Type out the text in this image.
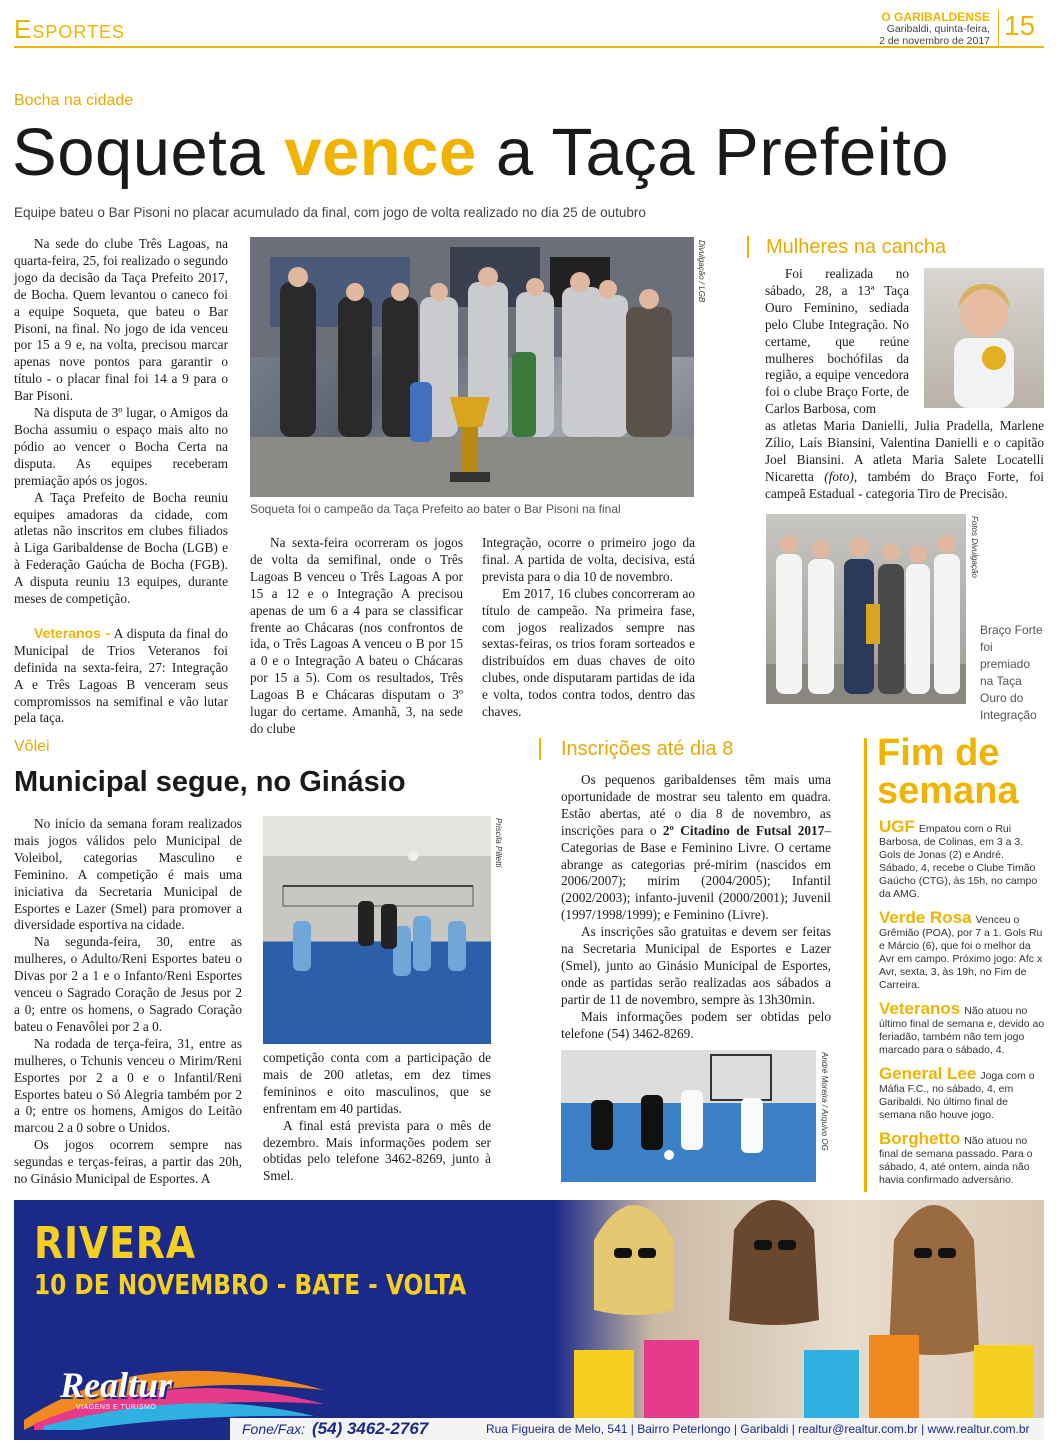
Esportes	O GARIBALDENSE
Garibaldi, quinta-feira,
2 de novembro de 2017 15
Bocha na cidade
Soqueta vence a Taça Prefeito
Equipe bateu o Bar Pisoni no placar acumulado da final, com jogo de volta realizado no dia 25 de outubro

Na sede do clube Três Lagoas, na quarta-feira, 25, foi realizado o segundo jogo da decisão da Taça Prefeito 2017, de Bocha. Quem levantou o caneco foi a equipe Soqueta, que bateu o Bar Pisoni, na final. No jogo de ida venceu por 15 a 9 e, na volta, precisou marcar apenas nove pontos para garantir o título - o placar final foi 14 a 9 para o Bar Pisoni.

Na disputa de 3º lugar, o Amigos da Bocha assumiu o espaço mais alto no pódio ao vencer o Bocha Certa na disputa. As equipes receberam premiação após os jogos.

A Taça Prefeito de Bocha reuniu equipes amadoras da cidade, com atletas não inscritos em clubes filiados à Liga Garibaldense de Bocha (LGB) e à Federação Gaúcha de Bocha (FGB). A disputa reuniu 13 equipes, durante meses de competição.

Veteranos - A disputa da final do Municipal de Trios Veteranos foi definida na sexta-feira, 27: Integração A e Três Lagoas B venceram seus compromissos na semifinal e vão lutar pela taça.

Divulgação / LGB
Soqueta foi o campeão da Taça Prefeito ao bater o Bar Pisoni na final

Na sexta-feira ocorreram os jogos de volta da semifinal, onde o Três Lagoas B venceu o Três Lagoas A por 15 a 12 e o Integração A precisou apenas de um 6 a 4 para se classificar frente ao Chácaras (nos confrontos de ida, o Três Lagoas A venceu o B por 15 a 0 e o Integração A bateu o Chácaras por 15 a 5). Com os resultados, Três Lagoas B e Chácaras disputam o 3º lugar do certame. Amanhã, 3, na sede do clube

Integração, ocorre o primeiro jogo da final. A partida de volta, decisiva, está prevista para o dia 10 de novembro.

Em 2017, 16 clubes concorreram ao título de campeão. Na primeira fase, com jogos realizados sempre nas sextas-feiras, os trios foram sorteados e distribuídos em duas chaves de oito clubes, onde disputaram partidas de ida e volta, todos contra todos, dentro das chaves.

Mulheres na cancha

Foi realizada no sábado, 28, a 13ª Taça Ouro Feminino, sediada pelo Clube Integração. No certame, que reúne mulheres bochófilas da região, a equipe vencedora foi o clube Braço Forte, de Carlos Barbosa, com

as atletas Maria Danielli, Julia Pradella, Marlene Zílio, Laís Biansini, Valentina Danielli e o capitão Joel Biansini. A atleta Maria Salete Locatelli Nicaretta (foto), também do Braço Forte, foi campeã Estadual - categoria Tiro de Precisão.

Fotos Divulgação
Braço Forte foi premiado na Taça Ouro do Integração
Vôlei
Municipal segue, no Ginásio

No início da semana foram realizados mais jogos válidos pelo Municipal de Voleibol, categorias Masculino e Feminino. A competição é mais uma iniciativa da Secretaria Municipal de Esportes e Lazer (Smel) para promover a diversidade esportiva na cidade.

Na segunda-feira, 30, entre as mulheres, o Adulto/Reni Esportes bateu o Divas por 2 a 1 e o Infanto/Reni Esportes venceu o Sagrado Coração de Jesus por 2 a 0; entre os homens, o Sagrado Coração bateu o Fenavôlei por 2 a 0.

Na rodada de terça-feira, 31, entre as mulheres, o Tchunis venceu o Mirim/Reni Esportes por 2 a 0 e o Infantil/Reni Esportes bateu o Só Alegria também por 2 a 0; entre os homens, Amigos do Leitão marcou 2 a 0 sobre o Unidos.

Os jogos ocorrem sempre nas segundas e terças-feiras, a partir das 20h, no Ginásio Municipal de Esportes. A

Priscila Pilletti

competição conta com a participação de mais de 200 atletas, em dez times femininos e oito masculinos, que se enfrentam em 40 partidas.

A final está prevista para o mês de dezembro. Mais informações podem ser obtidas pelo telefone 3462-8269, junto à Smel.

Inscrições até dia 8

Os pequenos garibaldenses têm mais uma oportunidade de mostrar seu talento em quadra. Estão abertas, até o dia 8 de novembro, as inscrições para o 2º Citadino de Futsal 2017– Categorias de Base e Feminino Livre. O certame abrange as categorias pré-mirim (nascidos em 2006/2007); mirim (2004/2005); Infantil (2002/2003); infanto-juvenil (2000/2001); Juvenil (1997/1998/1999); e Feminino (Livre).

As inscrições são gratuitas e devem ser feitas na Secretaria Municipal de Esportes e Lazer (Smel), junto ao Ginásio Municipal de Esportes, onde as partidas serão realizadas aos sábados a partir de 11 de novembro, sempre às 13h30min.

Mais informações podem ser obtidas pelo telefone (54) 3462-8269.

André Moreira / Arquivo OG
Fim de
semana
UGF Empatou com o Rui Barbosa, de Colinas, em 3 a 3. Gols de Jonas (2) e André. Sábado, 4, recebe o Clube Timão Gaúcho (CTG), às 15h, no campo da AMG.
Verde Rosa Venceu o Grêmião (POA), por 7 a 1. Gols Ru e Márcio (6), que foi o melhor da Avr em campo. Próximo jogo: Afc x Avr, sexta, 3, às 19h, no Fim de Carreira.
Veteranos Não atuou no último final de semana e, devido ao feriadão, também não tem jogo marcado para o sábado, 4.
General Lee Joga com o Máfia F.C., no sábado, 4, em Garibaldi. No último final de semana não houve jogo.
Borghetto Não atuou no final de semana passado. Para o sábado, 4, até ontem, ainda não havia confirmado adversário.
RIVERA
10 DE NOVEMBRO - BATE - VOLTA
Realtur
VIAGENS E TURISMO
Fone/Fax: (54) 3462-2767	Rua Figueira de Melo, 541 | Bairro Peterlongo | Garibaldi | realtur@realtur.com.br | www.realtur.com.br
